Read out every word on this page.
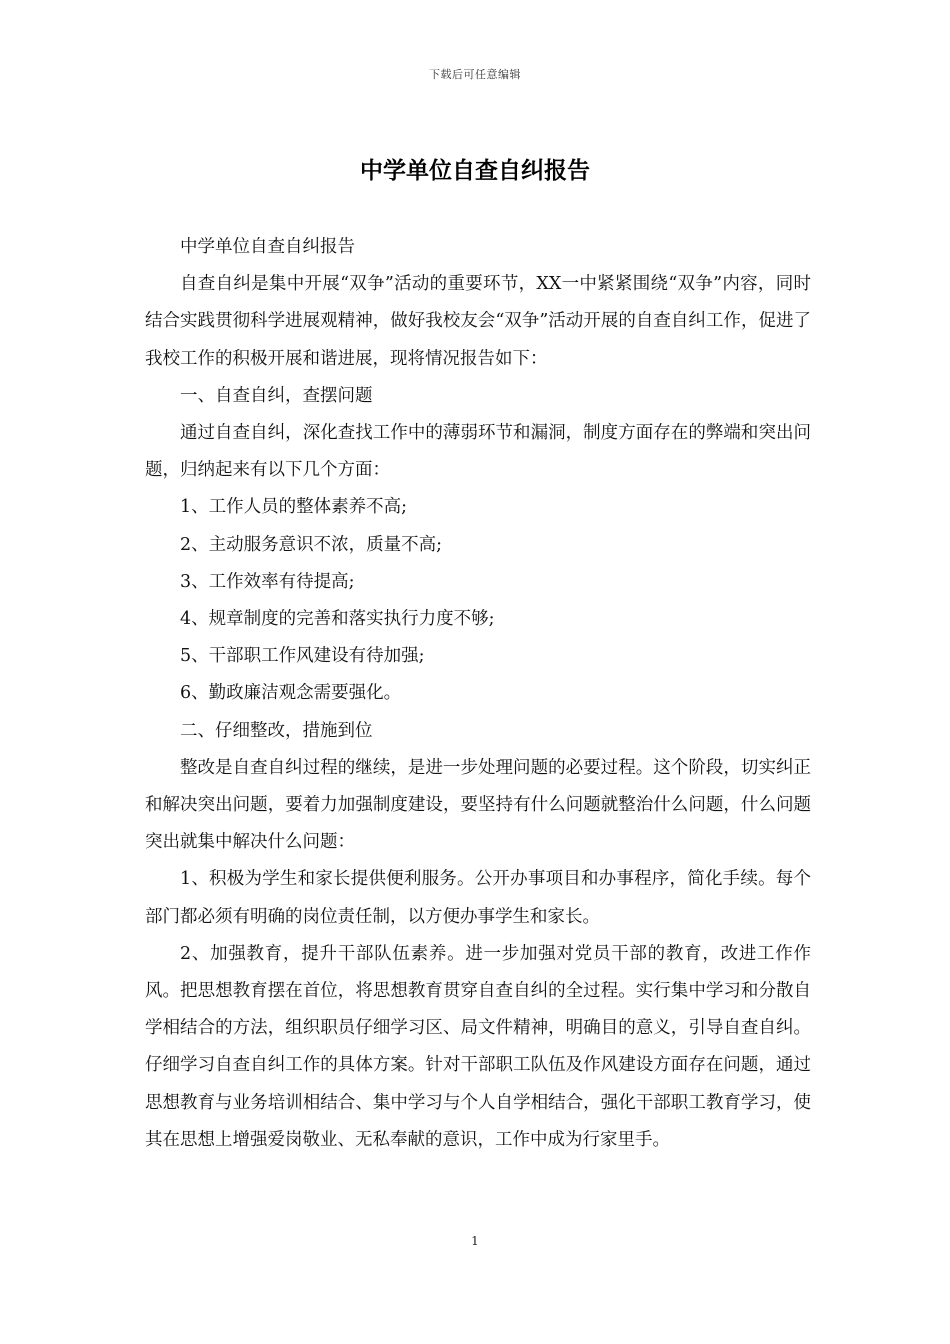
下载后可任意编辑
中学单位自查自纠报告

中学单位自查自纠报告

自查自纠是集中开展“双争”活动的重要环节，XX一中紧紧围绕“双争”内容，同时结合实践贯彻科学进展观精神，做好我校友会“双争”活动开展的自查自纠工作，促进了我校工作的积极开展和谐进展，现将情况报告如下：

一、自查自纠，查摆问题

通过自查自纠，深化查找工作中的薄弱环节和漏洞，制度方面存在的弊端和突出问题，归纳起来有以下几个方面：

1、工作人员的整体素养不高;

2、主动服务意识不浓，质量不高;

3、工作效率有待提高;

4、规章制度的完善和落实执行力度不够;

5、干部职工作风建设有待加强;

6、勤政廉洁观念需要强化。

二、仔细整改，措施到位

整改是自查自纠过程的继续，是进一步处理问题的必要过程。这个阶段，切实纠正和解决突出问题，要着力加强制度建设，要坚持有什么问题就整治什么问题，什么问题突出就集中解决什么问题：

1、积极为学生和家长提供便利服务。公开办事项目和办事程序，简化手续。每个部门都必须有明确的岗位责任制，以方便办事学生和家长。

2、加强教育，提升干部队伍素养。进一步加强对党员干部的教育，改进工作作风。把思想教育摆在首位，将思想教育贯穿自查自纠的全过程。实行集中学习和分散自学相结合的方法，组织职员仔细学习区、局文件精神，明确目的意义，引导自查自纠。仔细学习自查自纠工作的具体方案。针对干部职工队伍及作风建设方面存在问题，通过思想教育与业务培训相结合、集中学习与个人自学相结合，强化干部职工教育学习，使其在思想上增强爱岗敬业、无私奉献的意识，工作中成为行家里手。

1
